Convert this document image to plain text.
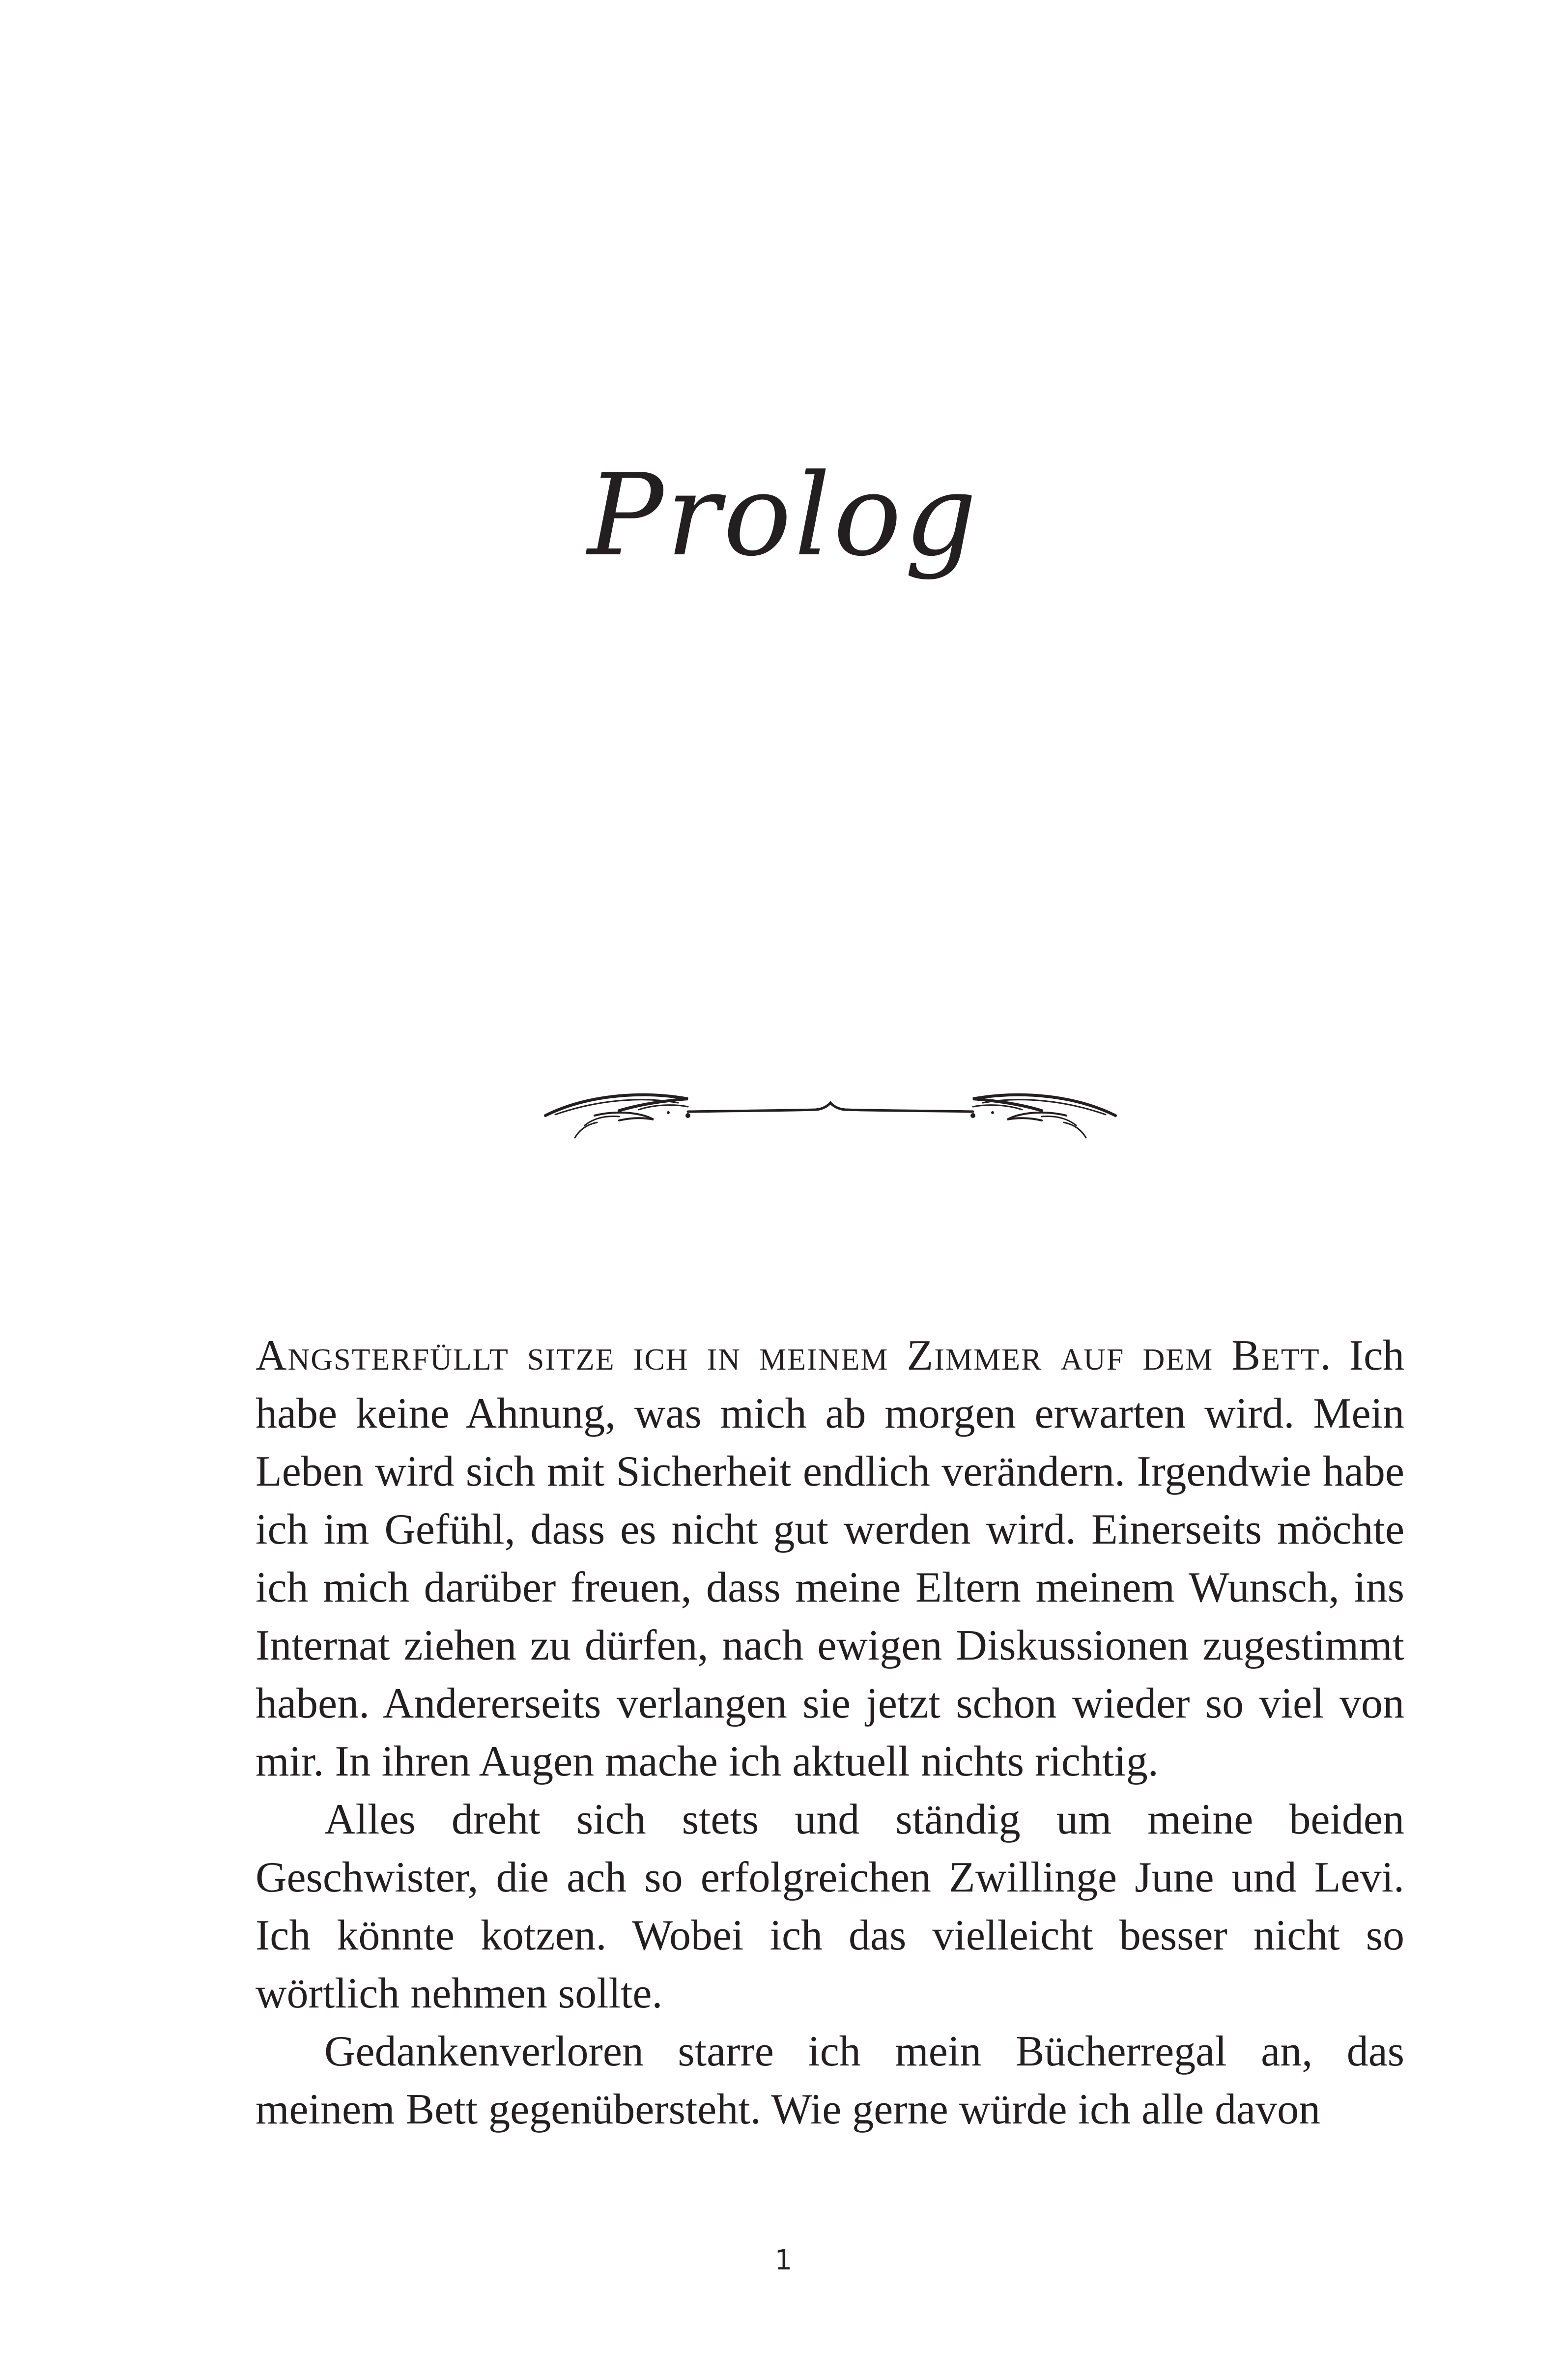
Prolog

Angsterfüllt sitze ich in meinem Zimmer auf dem Bett. Ich habe keine Ahnung, was mich ab morgen erwarten wird. Mein Leben wird sich mit Sicherheit endlich verändern. Irgendwie habe ich im Gefühl, dass es nicht gut werden wird. Einerseits möchte ich mich darüber freuen, dass meine Eltern meinem Wunsch, ins Internat ziehen zu dürfen, nach ewigen Diskussionen zugestimmt haben. Andererseits verlangen sie jetzt schon wieder so viel von mir. In ihren Augen mache ich aktuell nichts richtig.

Alles dreht sich stets und ständig um meine beiden Geschwister, die ach so erfolgreichen Zwillinge June und Levi. Ich könnte kotzen. Wobei ich das vielleicht besser nicht so wörtlich nehmen sollte.

Gedankenverloren starre ich mein Bücherregal an, das meinem Bett gegenübersteht. Wie gerne würde ich alle davon

1
